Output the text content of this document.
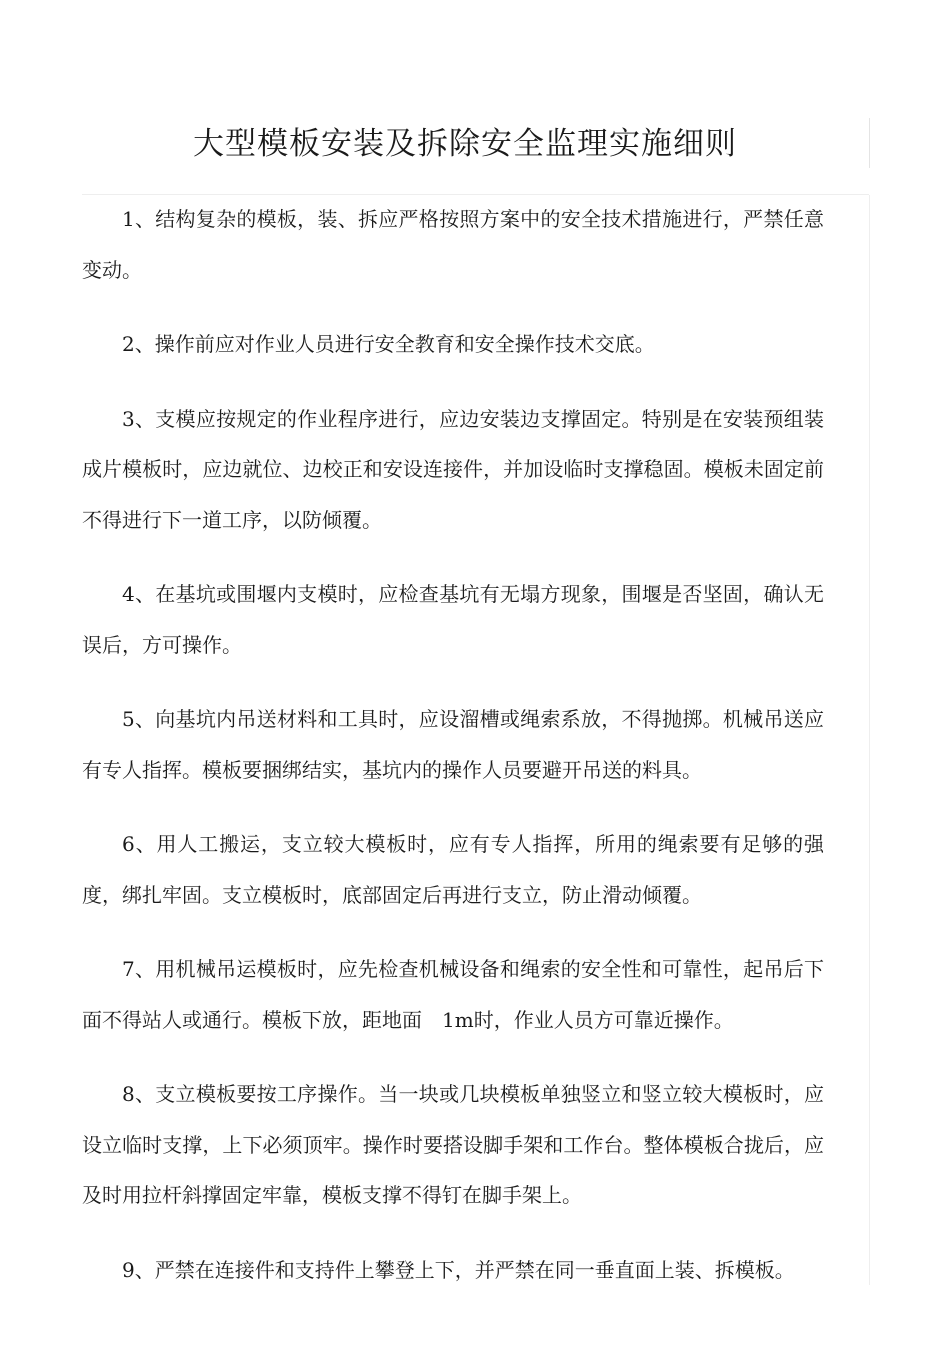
大型模板安装及拆除安全监理实施细则

1、结构复杂的模板，装、拆应严格按照方案中的安全技术措施进行，严禁任意变动。

2、操作前应对作业人员进行安全教育和安全操作技术交底。

3、支模应按规定的作业程序进行，应边安装边支撑固定。特别是在安装预组装成片模板时，应边就位、边校正和安设连接件，并加设临时支撑稳固。模板未固定前不得进行下一道工序，以防倾覆。

4、在基坑或围堰内支模时，应检查基坑有无塌方现象，围堰是否坚固，确认无误后，方可操作。

5、向基坑内吊送材料和工具时，应设溜槽或绳索系放，不得抛掷。机械吊送应有专人指挥。模板要捆绑结实，基坑内的操作人员要避开吊送的料具。

6、用人工搬运，支立较大模板时，应有专人指挥，所用的绳索要有足够的强度，绑扎牢固。支立模板时，底部固定后再进行支立，防止滑动倾覆。

7、用机械吊运模板时，应先检查机械设备和绳索的安全性和可靠性，起吊后下面不得站人或通行。模板下放，距地面　1m时，作业人员方可靠近操作。

8、支立模板要按工序操作。当一块或几块模板单独竖立和竖立较大模板时，应设立临时支撑，上下必须顶牢。操作时要搭设脚手架和工作台。整体模板合拢后，应及时用拉杆斜撑固定牢靠，模板支撑不得钉在脚手架上。

9、严禁在连接件和支持件上攀登上下，并严禁在同一垂直面上装、拆模板。
